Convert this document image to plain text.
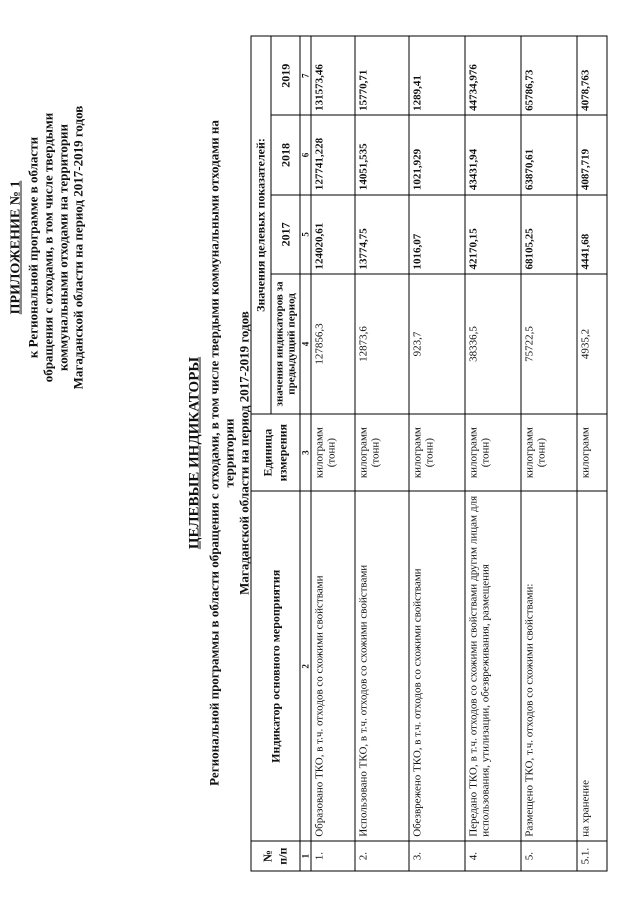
ПРИЛОЖЕНИЕ № 1 к Региональной программе в области обращения с отходами, в том числе твердыми коммунальными отходами на территории Магаданской области на период 2017-2019 годов
ЦЕЛЕВЫЕ ИНДИКАТОРЫ Региональной программы в области обращения с отходами, в том числе твердыми коммунальными отходами на территории Магаданской области на период 2017-2019 годов
№ п/п	Индикатор основного мероприятия	Единица измерения	Значения целевых показателей:			
			значения индикаторов за предыдущий период	2017	2018	2019
1	2	3	4	5	6	7
1.	Образовано ТКО, в т.ч. отходов со схожими свойствами	килограмм (тонн)	127856,3	124020,61	127741,228	131573,46
2.	Использовано ТКО, в т.ч. отходов со схожими свойствами	килограмм (тонн)	12873,6	13774,75	14051,535	15770,71
3.	Обезврежено ТКО, в т.ч. отходов со схожими свойствами	килограмм (тонн)	923,7	1016,07	1021,929	1289,41
4.	Передано ТКО, в т.ч. отходов со схожими свойствами другим лицам для использования, утилизации, обезвреживания, размещения	килограмм (тонн)	38336,5	42170,15	43431,94	44734,976
5.	Размещено ТКО, т.ч. отходов со схожими свойствами:	килограмм (тонн)	75722,5	68105,25	63870,61	65786,73
5.1.	на хранение	килограмм	4935,2	4441,68	4087,719	4078,763
